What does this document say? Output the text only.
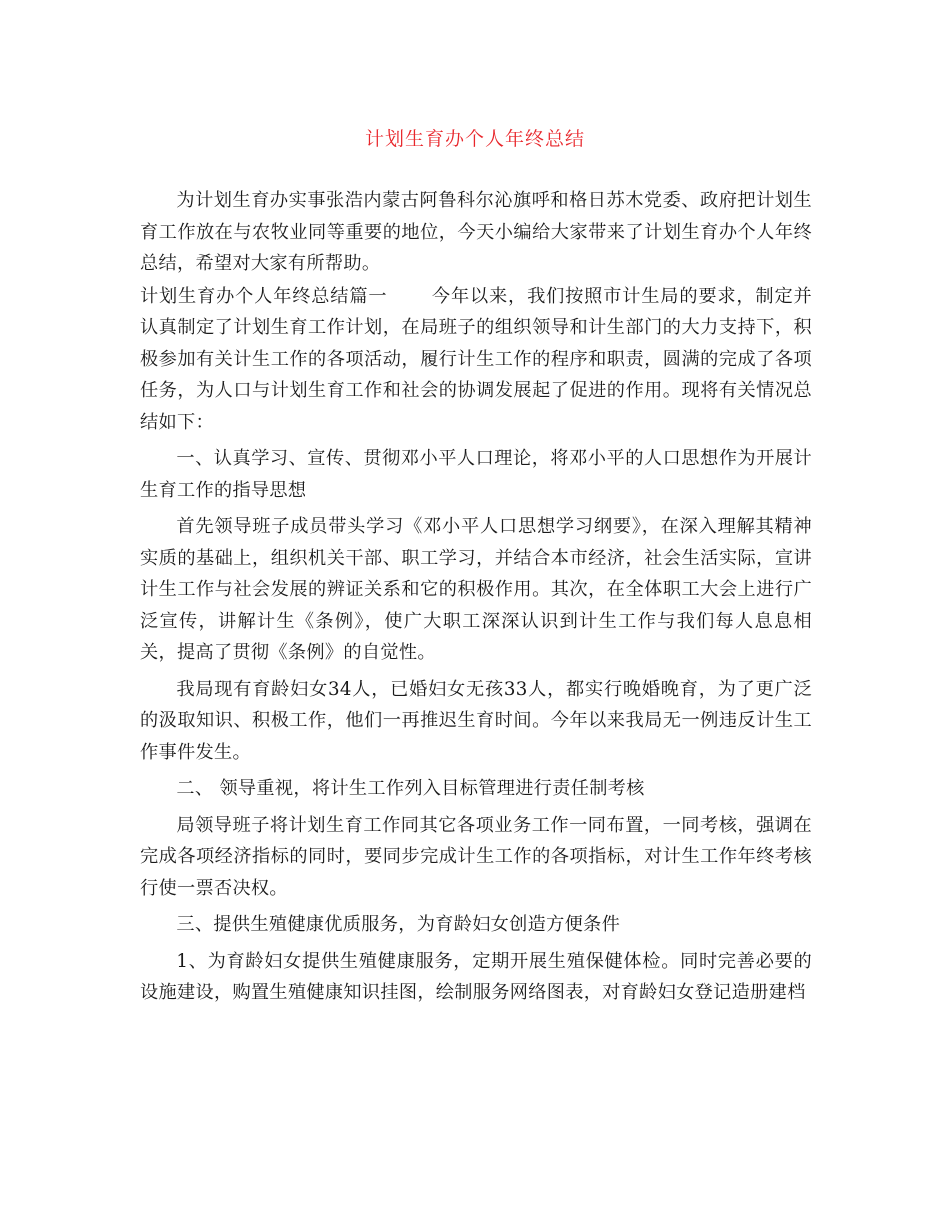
计划生育办个人年终总结

为计划生育办实事张浩内蒙古阿鲁科尔沁旗呼和格日苏木党委、政府把计划生育工作放在与农牧业同等重要的地位，今天小编给大家带来了计划生育办个人年终总结，希望对大家有所帮助。

计划生育办个人年终总结篇一 今年以来，我们按照市计生局的要求，制定并认真制定了计划生育工作计划，在局班子的组织领导和计生部门的大力支持下，积极参加有关计生工作的各项活动，履行计生工作的程序和职责，圆满的完成了各项任务，为人口与计划生育工作和社会的协调发展起了促进的作用。现将有关情况总结如下：

一、认真学习、宣传、贯彻邓小平人口理论，将邓小平的人口思想作为开展计生育工作的指导思想

首先领导班子成员带头学习《邓小平人口思想学习纲要》，在深入理解其精神实质的基础上，组织机关干部、职工学习，并结合本市经济，社会生活实际，宣讲计生工作与社会发展的辨证关系和它的积极作用。其次，在全体职工大会上进行广泛宣传，讲解计生《条例》，使广大职工深深认识到计生工作与我们每人息息相关，提高了贯彻《条例》的自觉性。

我局现有育龄妇女34人，已婚妇女无孩33人，都实行晚婚晚育，为了更广泛的汲取知识、积极工作，他们一再推迟生育时间。今年以来我局无一例违反计生工作事件发生。

二、 领导重视，将计生工作列入目标管理进行责任制考核

局领导班子将计划生育工作同其它各项业务工作一同布置，一同考核，强调在完成各项经济指标的同时，要同步完成计生工作的各项指标，对计生工作年终考核行使一票否决权。

三、提供生殖健康优质服务，为育龄妇女创造方便条件

1、为育龄妇女提供生殖健康服务，定期开展生殖保健体检。同时完善必要的设施建设，购置生殖健康知识挂图，绘制服务网络图表，对育龄妇女登记造册建档
